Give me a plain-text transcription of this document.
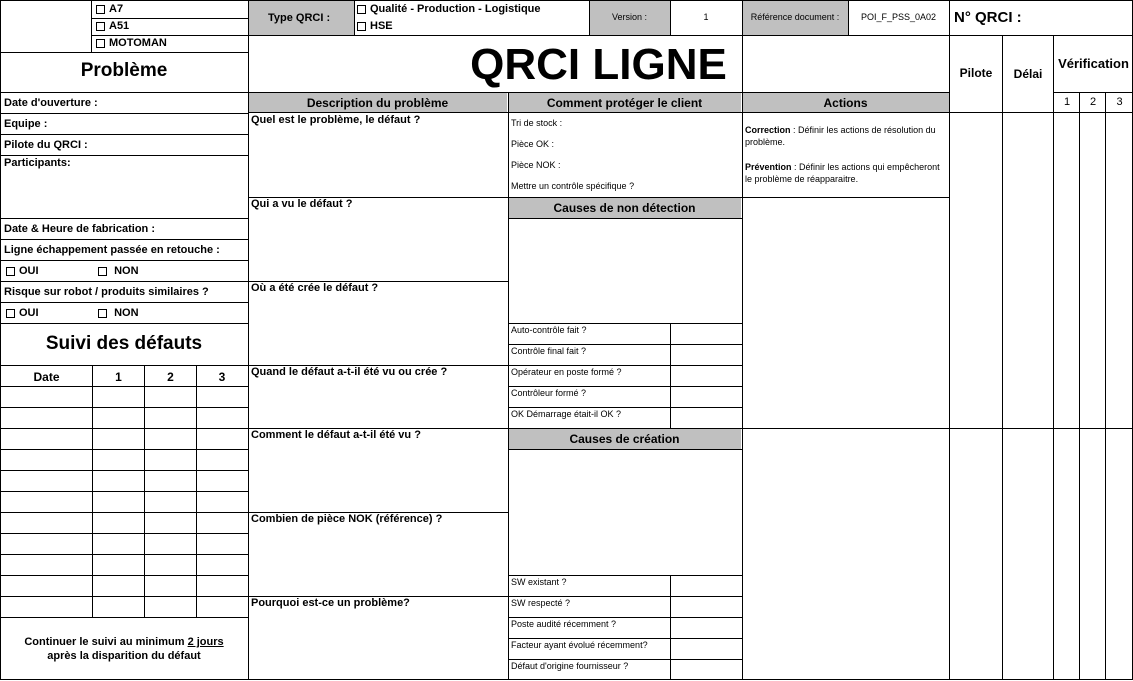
A7
A51
MOTOMAN
Type QRCI :
Qualité - Production - Logistique
HSE
Version :	1	Référence document :	POI_F_PSS_0A02	N° QRCI :
QRCI LIGNE
Problème
Date d'ouverture :
Equipe :
Pilote du QRCI :
Participants:
Date & Heure de fabrication :
Ligne échappement passée en retouche :
OUI	NON
Risque sur robot / produits similaires ?
OUI	NON
Suivi des défauts
Date	1	2	3
Continuer le suivi au minimum 2 jours
après la disparition du défaut
Description du problème	Comment protéger le client	Actions
Pilote	Délai
Vérification
1	2	3
Quel est le problème, le défaut ?
Qui a vu le défaut ?
Où a été crée le défaut ?
Quand le défaut a-t-il été vu ou crée ?
Comment le défaut a-t-il été vu ?
Combien de pièce NOK (référence) ?
Pourquoi est-ce un problème?
Tri de stock :
Pièce OK :
Pièce NOK :
Mettre un contrôle spécifique ?
Correction : Définir les actions de résolution du problème.
Prévention : Définir les actions qui empêcheront le problème de réapparaitre.
Causes de non détection
Auto-contrôle fait ?
Contrôle final fait ?
Opérateur en poste formé ?
Contrôleur formé ?
OK Démarrage était-il OK ?
Causes de création
SW existant ?
SW respecté ?
Poste audité récemment ?
Facteur ayant évolué récemment?
Défaut d'origine fournisseur ?
